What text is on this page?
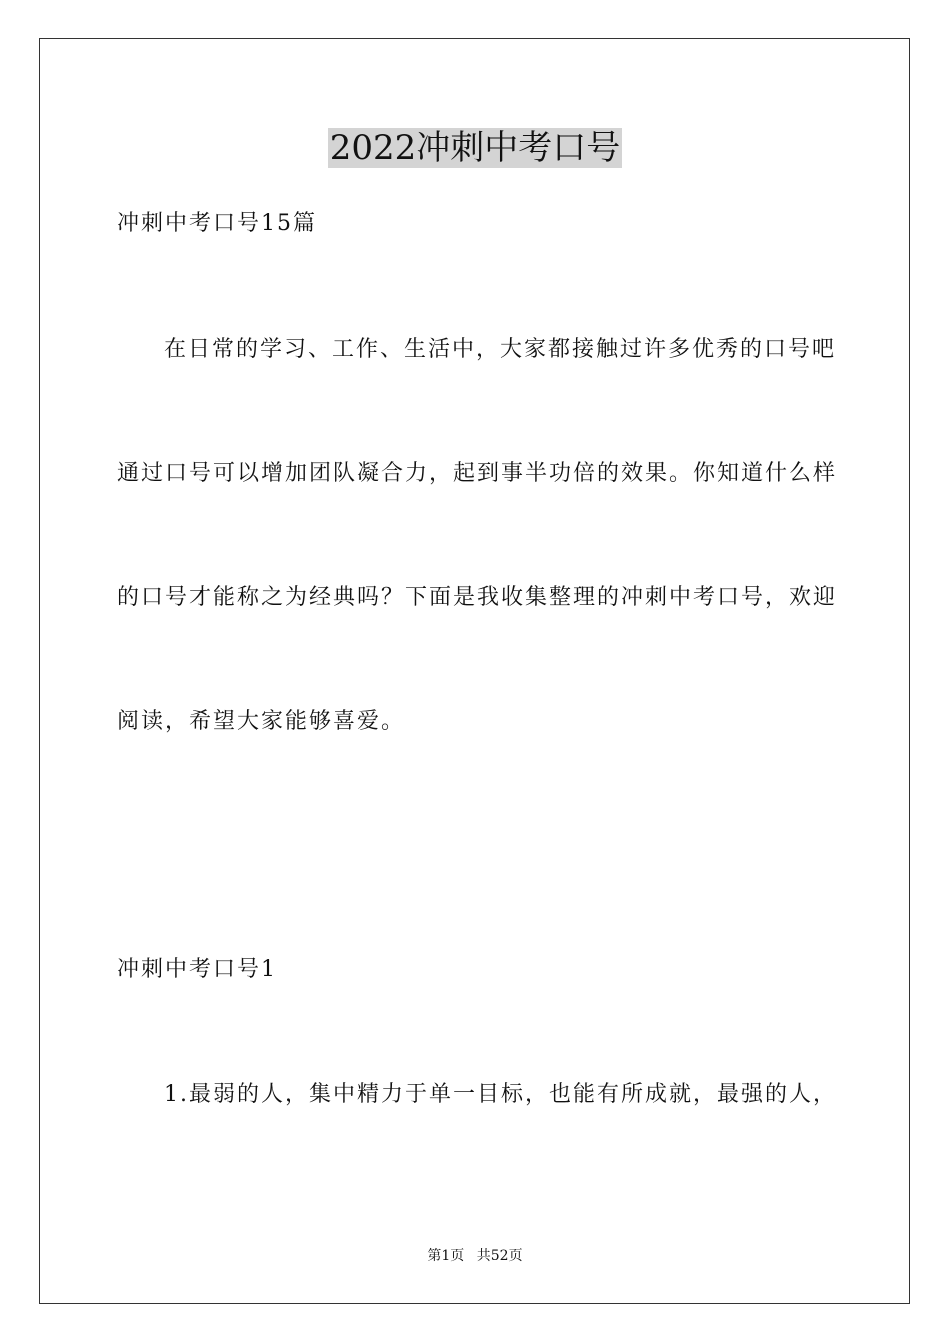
2022冲刺中考口号
冲刺中考口号15篇
在日常的学习、工作、生活中，大家都接触过许多优秀的口号吧
通过口号可以增加团队凝合力，起到事半功倍的效果。你知道什么样
的口号才能称之为经典吗？下面是我收集整理的冲刺中考口号，欢迎
阅读，希望大家能够喜爱。
冲刺中考口号1
1.最弱的人，集中精力于单一目标，也能有所成就，最强的人，
第1页 共52页
